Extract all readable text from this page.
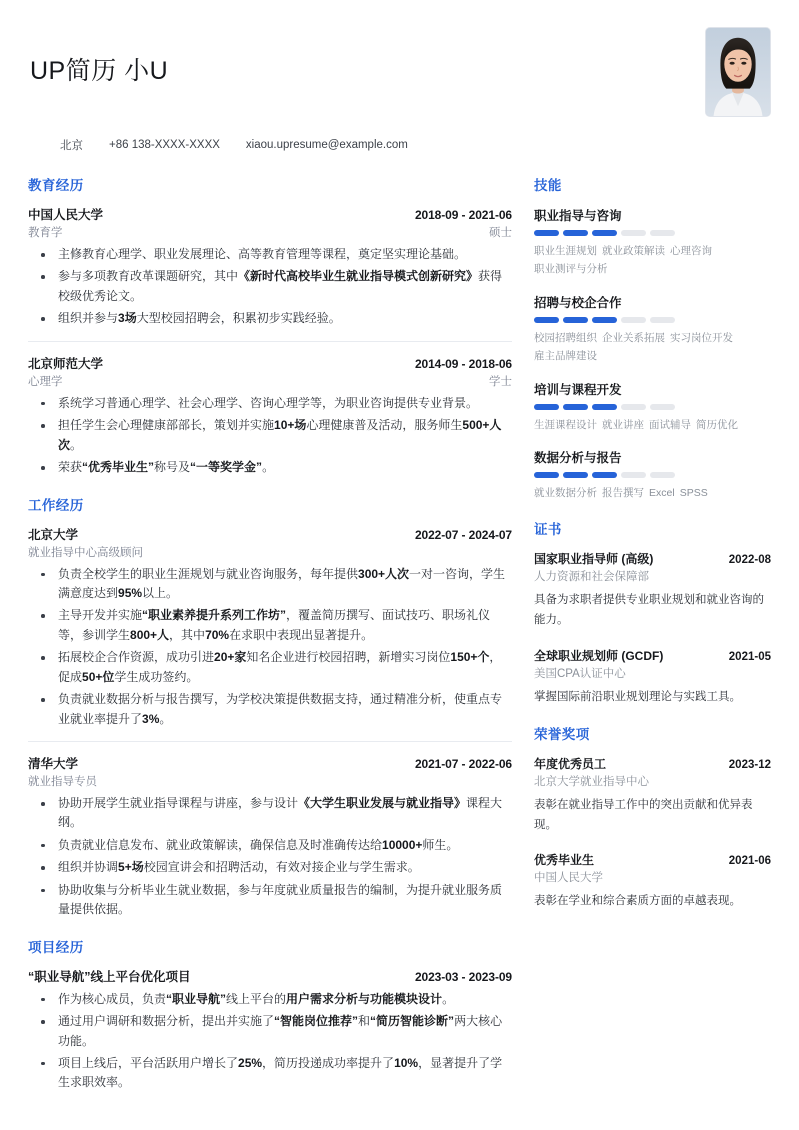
UP简历 小U
北京 +86 138-XXXX-XXXX xiaou.upresume@example.com
教育经历
中国人民大学	2018-09 - 2021-06
教育学	硕士
主修教育心理学、职业发展理论、高等教育管理等课程，奠定坚实理论基础。
参与多项教育改革课题研究，其中《新时代高校毕业生就业指导模式创新研究》获得校级优秀论文。
组织并参与3场大型校园招聘会，积累初步实践经验。
北京师范大学	2014-09 - 2018-06
心理学	学士
系统学习普通心理学、社会心理学、咨询心理学等，为职业咨询提供专业背景。
担任学生会心理健康部部长，策划并实施10+场心理健康普及活动，服务师生500+人次。
荣获“优秀毕业生”称号及“一等奖学金”。
工作经历
北京大学	2022-07 - 2024-07
就业指导中心高级顾问
负责全校学生的职业生涯规划与就业咨询服务，每年提供300+人次一对一咨询，学生满意度达到95%以上。
主导开发并实施“职业素养提升系列工作坊”，覆盖简历撰写、面试技巧、职场礼仪等，参训学生800+人，其中70%在求职中表现出显著提升。
拓展校企合作资源，成功引进20+家知名企业进行校园招聘，新增实习岗位150+个，促成50+位学生成功签约。
负责就业数据分析与报告撰写，为学校决策提供数据支持，通过精准分析，使重点专业就业率提升了3%。
清华大学	2021-07 - 2022-06
就业指导专员
协助开展学生就业指导课程与讲座，参与设计《大学生职业发展与就业指导》课程大纲。
负责就业信息发布、就业政策解读，确保信息及时准确传达给10000+师生。
组织并协调5+场校园宣讲会和招聘活动，有效对接企业与学生需求。
协助收集与分析毕业生就业数据，参与年度就业质量报告的编制，为提升就业服务质量提供依据。
项目经历
“职业导航”线上平台优化项目	2023-03 - 2023-09
作为核心成员，负责“职业导航”线上平台的用户需求分析与功能模块设计。
通过用户调研和数据分析，提出并实施了“智能岗位推荐”和“简历智能诊断”两大核心功能。
项目上线后，平台活跃用户增长了25%，简历投递成功率提升了10%，显著提升了学生求职效率。
技能
职业指导与咨询
职业生涯规划 就业政策解读 心理咨询职业测评与分析
招聘与校企合作
校园招聘组织 企业关系拓展 实习岗位开发雇主品牌建设
培训与课程开发
生涯课程设计 就业讲座 面试辅导 简历优化
数据分析与报告
就业数据分析 报告撰写 Excel SPSS
证书
国家职业指导师 (高级)	2022-08
人力资源和社会保障部
具备为求职者提供专业职业规划和就业咨询的能力。
全球职业规划师 (GCDF)	2021-05
美国CPA认证中心
掌握国际前沿职业规划理论与实践工具。
荣誉奖项
年度优秀员工	2023-12
北京大学就业指导中心
表彰在就业指导工作中的突出贡献和优异表现。
优秀毕业生	2021-06
中国人民大学
表彰在学业和综合素质方面的卓越表现。
